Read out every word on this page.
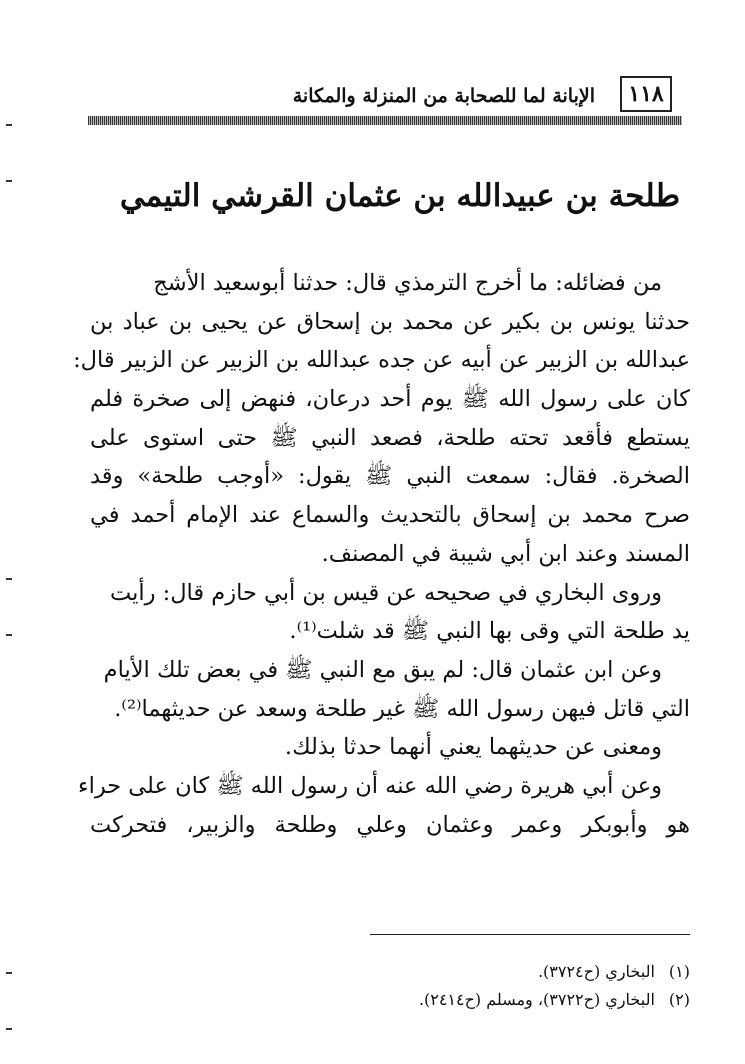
١١٨
الإبانة لما للصحابة من المنزلة والمكانة
طلحة بن عبيدالله بن عثمان القرشي التيمي
من فضائله: ما أخرج الترمذي قال: حدثنا أبوسعيد الأشج
حدثنا يونس بن بكير عن محمد بن إسحاق عن يحيى بن عباد بن
عبدالله بن الزبير عن أبيه عن جده عبدالله بن الزبير عن الزبير قال:
كان على رسول الله ﷺ يوم أحد درعان، فنهض إلى صخرة فلم
يستطع فأقعد تحته طلحة، فصعد النبي ﷺ حتى استوى على
الصخرة. فقال: سمعت النبي ﷺ يقول: «أوجب طلحة» وقد
صرح محمد بن إسحاق بالتحديث والسماع عند الإمام أحمد في
المسند وعند ابن أبي شيبة في المصنف.
وروى البخاري في صحيحه عن قيس بن أبي حازم قال: رأيت
يد طلحة التي وقى بها النبي ﷺ قد شلت⁽¹⁾.
وعن ابن عثمان قال: لم يبق مع النبي ﷺ في بعض تلك الأيام
التي قاتل فيهن رسول الله ﷺ غير طلحة وسعد عن حديثهما⁽²⁾.
ومعنى عن حديثهما يعني أنهما حدثا بذلك.
وعن أبي هريرة رضي الله عنه أن رسول الله ﷺ كان على حراء
هو وأبوبكر وعمر وعثمان وعلي وطلحة والزبير، فتحركت
(١)البخاري (ح٣٧٢٤).
(٢)البخاري (ح٣٧٢٢)، ومسلم (ح٢٤١٤).
